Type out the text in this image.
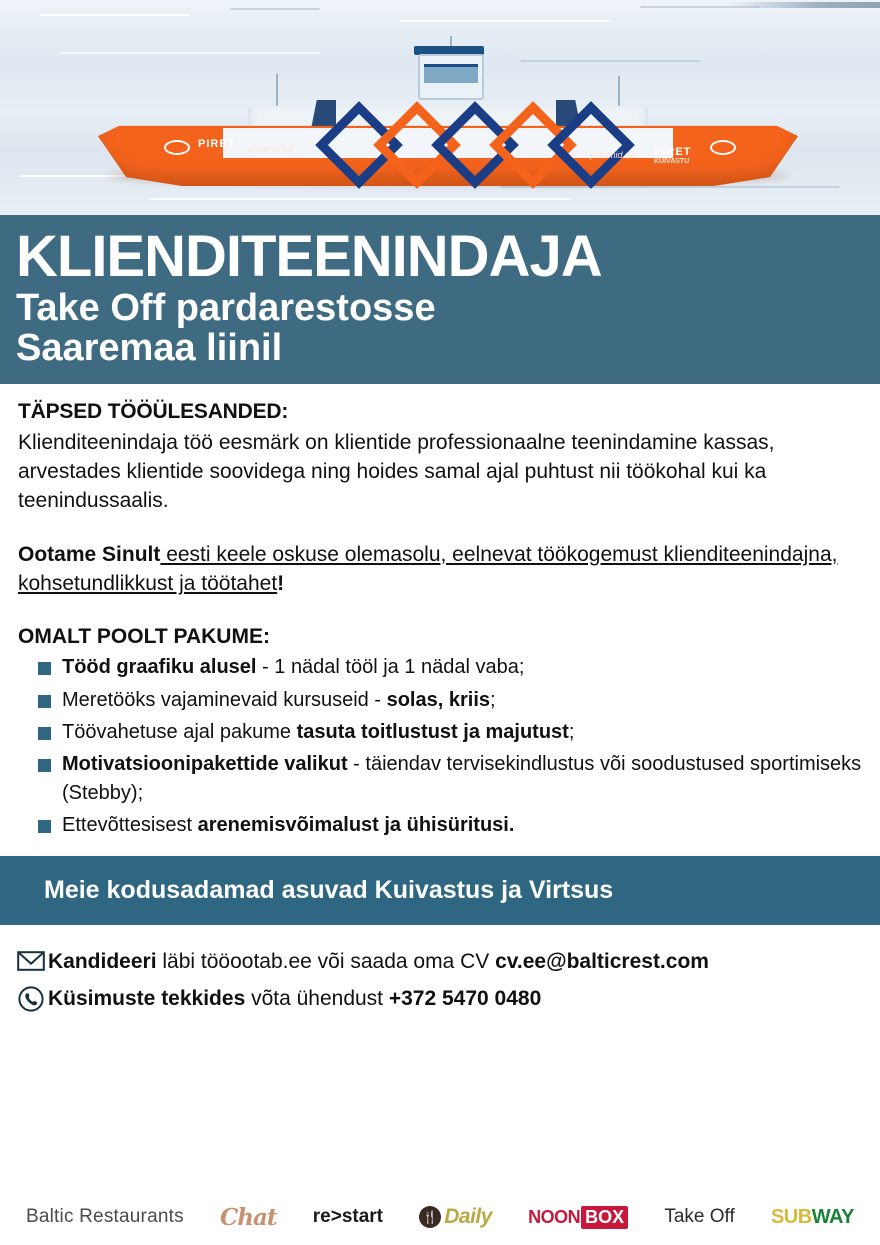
PIRET proomid.ee
proomid.ee PIRET
KUIVASTU
KLIENDITEENINDAJA
Take Off pardarestosse
Saaremaa liinil
TÄPSED TÖÖÜLESANDED:

Klienditeenindaja töö eesmärk on klientide professionaalne teenindamine kassas, arvestades klientide soovidega ning hoides samal ajal puhtust nii töökohal kui ka teenindussaalis.

Ootame Sinult eesti keele oskuse olemasolu, eelnevat töökogemust klienditeenindajna, kohsetundlikkust ja töötahet!

OMALT POOLT PAKUME:
Tööd graafiku alusel - 1 nädal tööl ja 1 nädal vaba;
Meretööks vajaminevaid kursuseid - solas, kriis;
Töövahetuse ajal pakume tasuta toitlustust ja majutust;
Motivatsioonipakettide valikut - täiendav tervisekindlustus või soodustused sportimiseks (Stebby);
Ettevõttesisest arenemisvõimalust ja ühisüritusi.
Meie kodusadamad asuvad Kuivastus ja Virtsus
Kandideeri läbi tööootab.ee või saada oma CV cv.ee@balticrest.com
Küsimuste tekkides võta ühendust +372 5470 0480
Baltic Restaurants Chat re > start	🍴 Daily NOON BOX Take Off SUB WAY
